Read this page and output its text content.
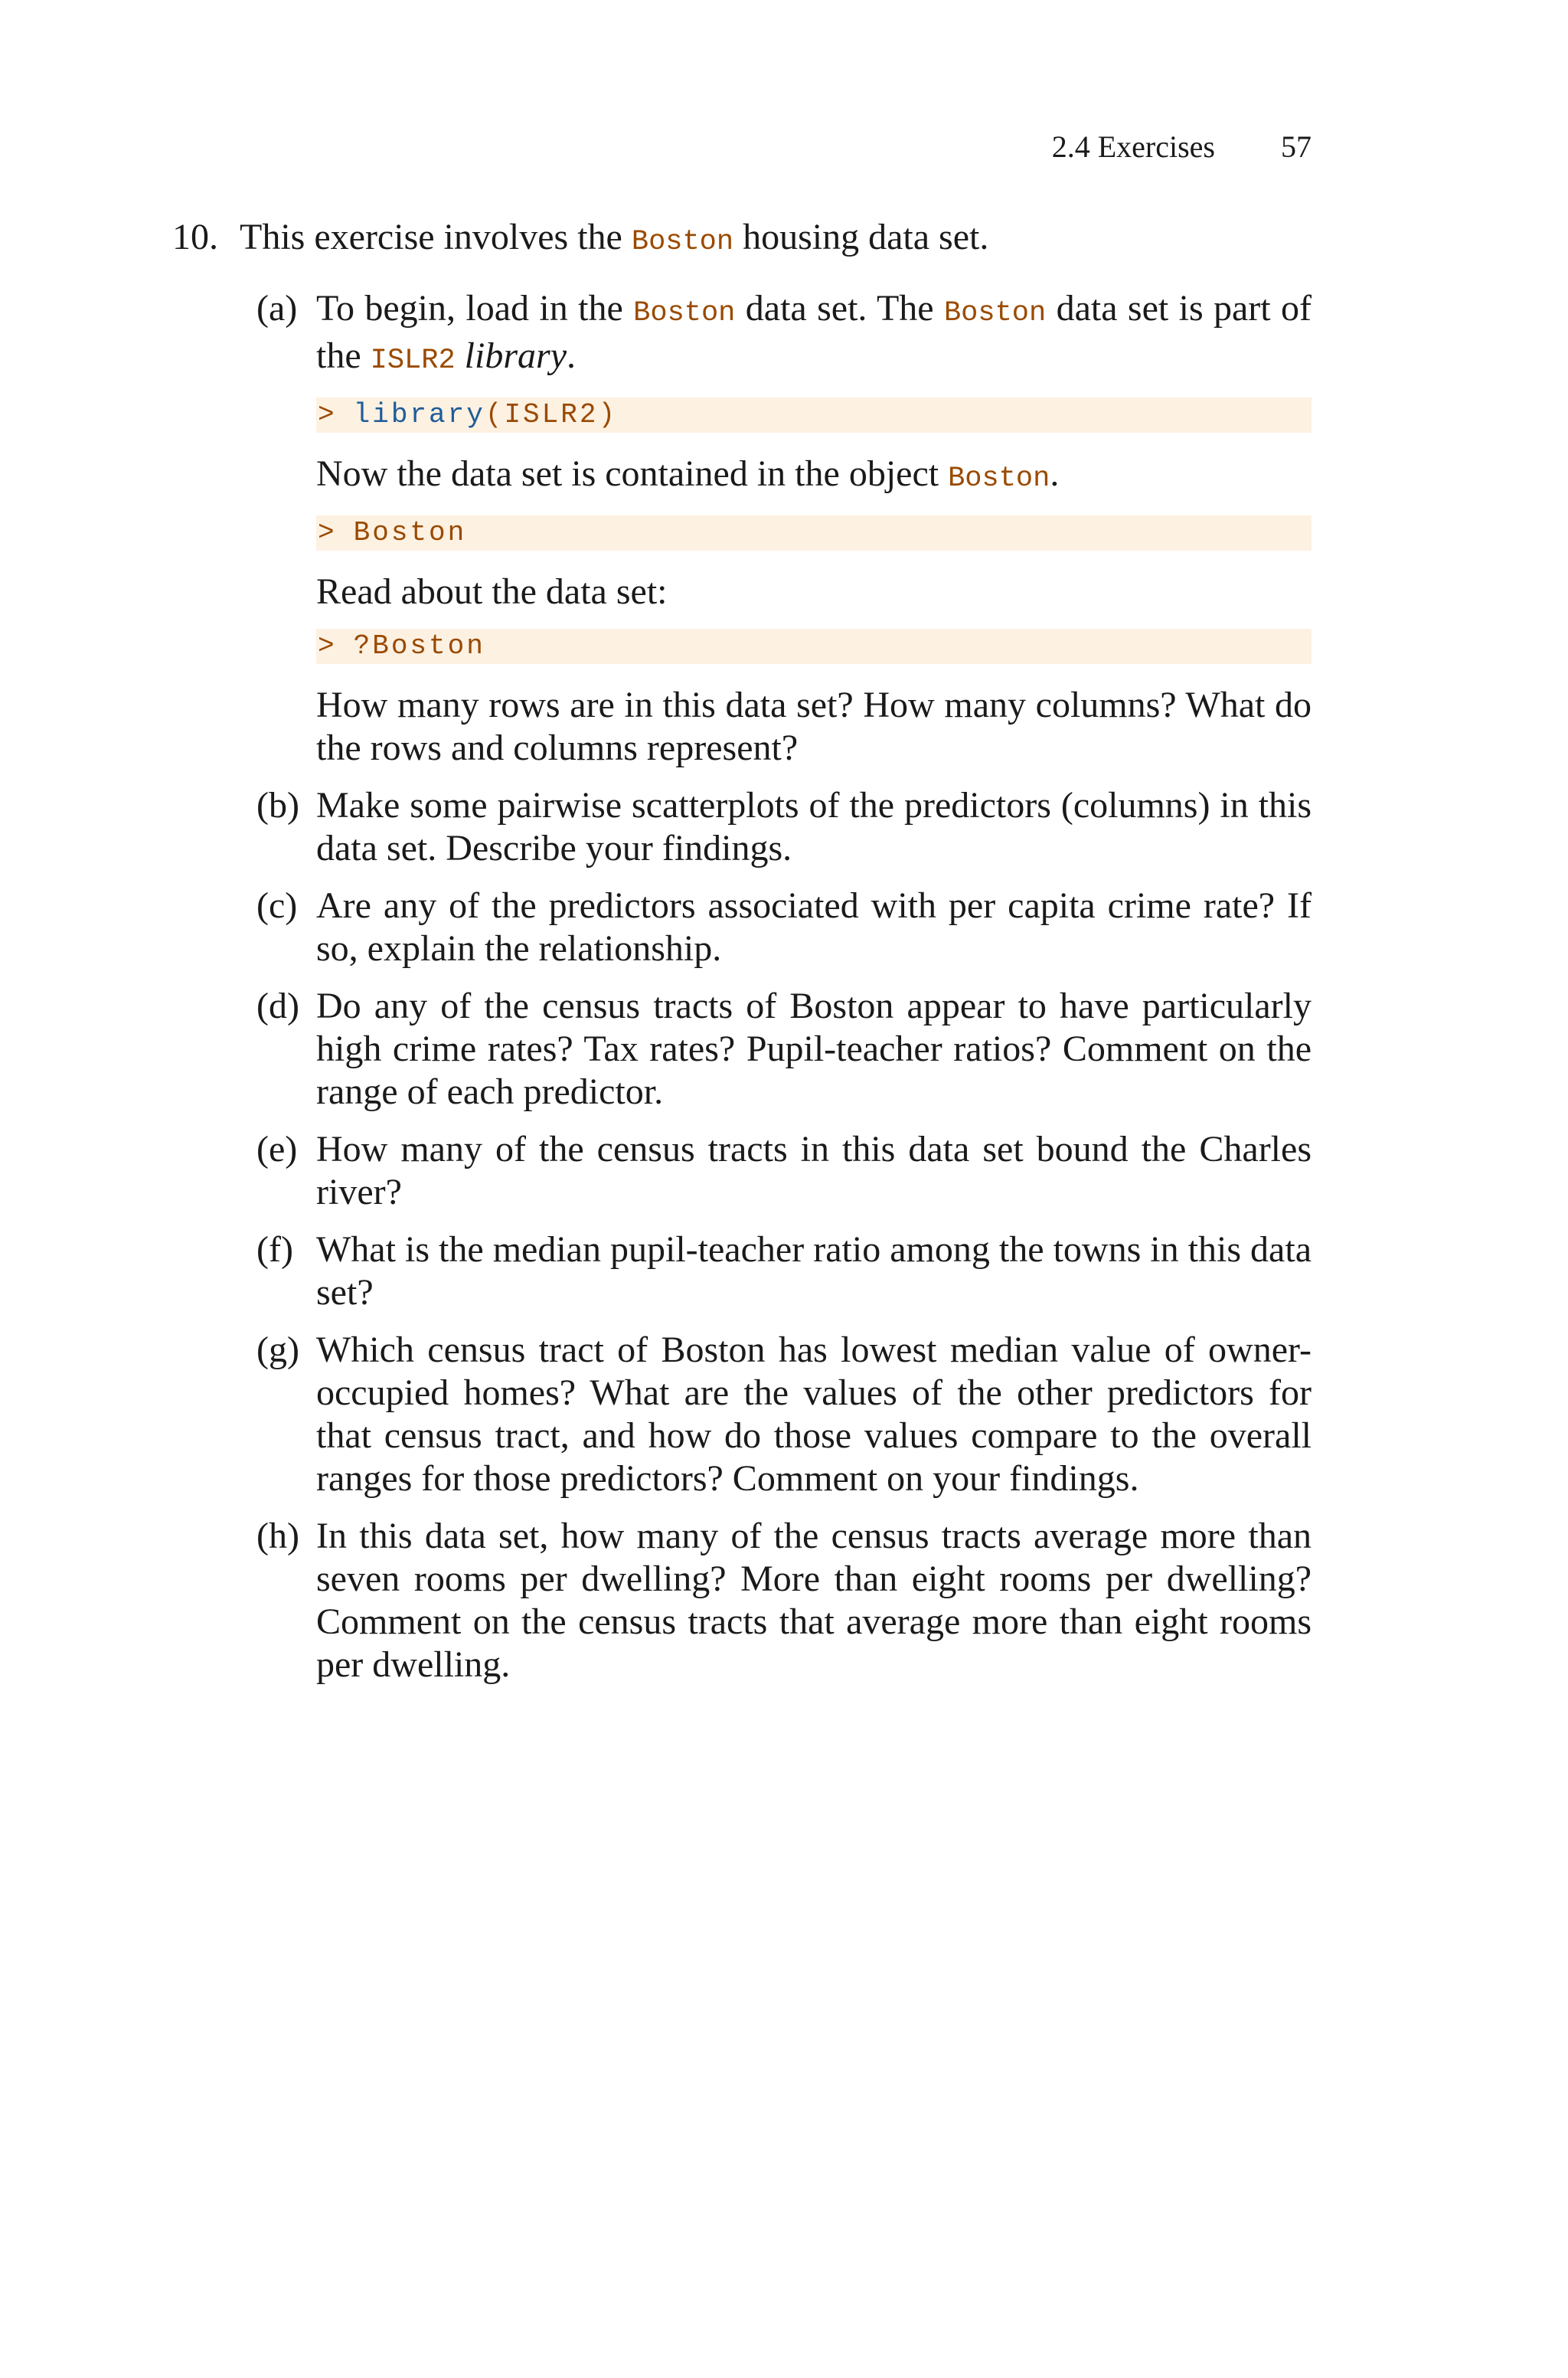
2.4 Exercises 57
10. This exercise involves the Boston housing data set.
(a) To begin, load in the Boston data set. The Boston data set is part of the ISLR2 library.

> library (ISLR2)

Now the data set is contained in the object Boston.

> Boston

Read about the data set:

> ?Boston

How many rows are in this data set? How many columns? What do the rows and columns represent?

(b) Make some pairwise scatterplots of the predictors (columns) in this data set. Describe your findings.
(c) Are any of the predictors associated with per capita crime rate? If so, explain the relationship.
(d) Do any of the census tracts of Boston appear to have particularly high crime rates? Tax rates? Pupil-teacher ratios? Comment on the range of each predictor.
(e) How many of the census tracts in this data set bound the Charles river?
(f) What is the median pupil-teacher ratio among the towns in this data set?
(g) Which census tract of Boston has lowest median value of owner-occupied homes? What are the values of the other predictors for that census tract, and how do those values compare to the overall ranges for those predictors? Comment on your findings.
(h) In this data set, how many of the census tracts average more than seven rooms per dwelling? More than eight rooms per dwelling? Comment on the census tracts that average more than eight rooms per dwelling.
